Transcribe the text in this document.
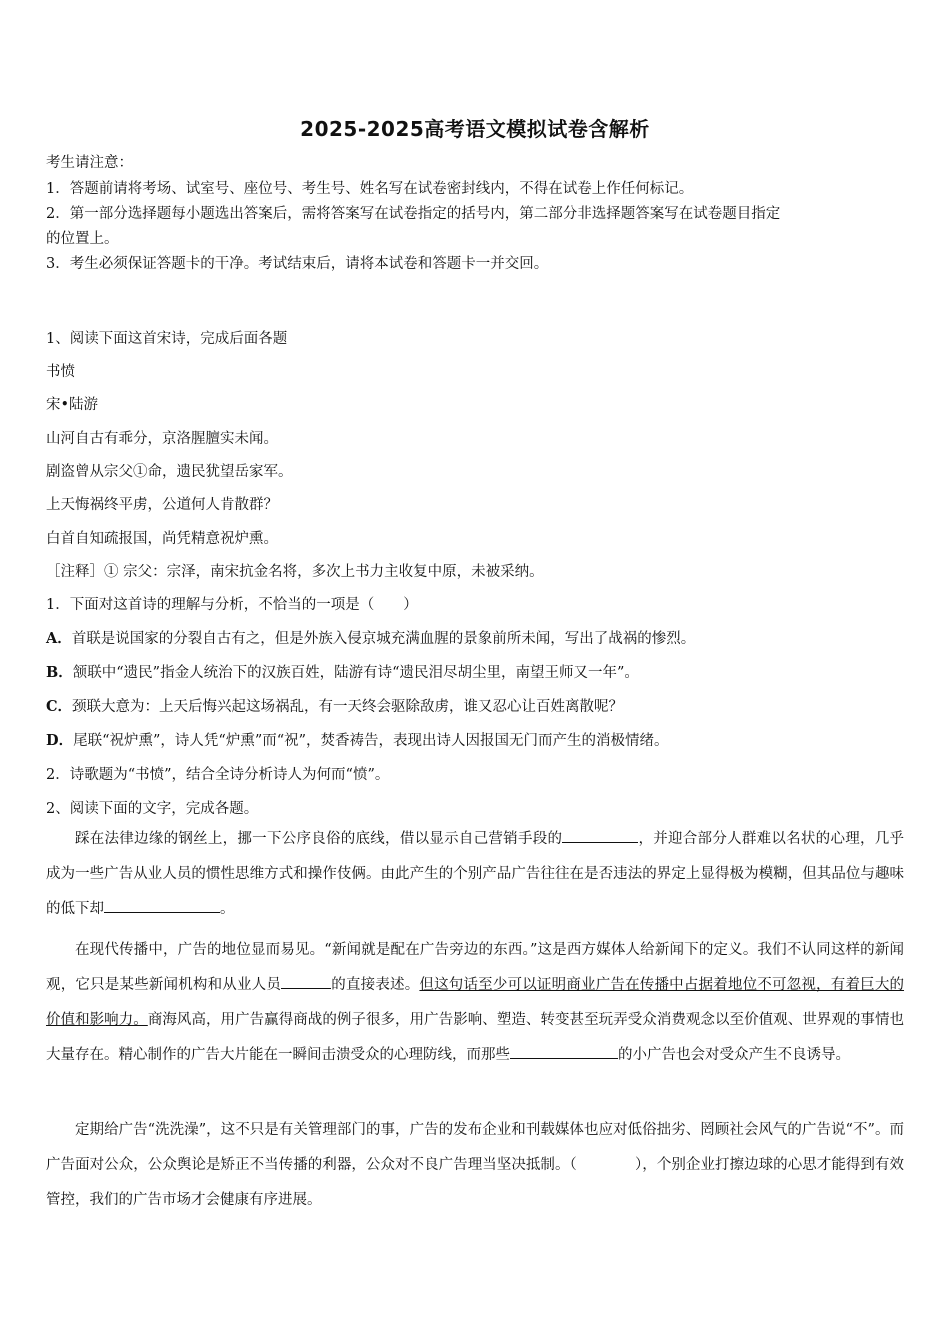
2025-2025高考语文模拟试卷含解析
考生请注意：
1．答题前请将考场、试室号、座位号、考生号、姓名写在试卷密封线内，不得在试卷上作任何标记。
2．第一部分选择题每小题选出答案后，需将答案写在试卷指定的括号内，第二部分非选择题答案写在试卷题目指定
的位置上。
3．考生必须保证答题卡的干净。考试结束后，请将本试卷和答题卡一并交回。
1、阅读下面这首宋诗，完成后面各题
书愤
宋•陆游
山河自古有乖分，京洛腥膻实未闻。
剧盗曾从宗父①命，遗民犹望岳家军。
上天悔祸终平虏，公道何人肯散群？
白首自知疏报国，尚凭精意祝炉熏。
［注释］① 宗父：宗泽，南宋抗金名将，多次上书力主收复中原，未被采纳。
1．下面对这首诗的理解与分析，不恰当的一项是（　　）
A．首联是说国家的分裂自古有之，但是外族入侵京城充满血腥的景象前所未闻，写出了战祸的惨烈。
B．颔联中“遗民”指金人统治下的汉族百姓，陆游有诗“遗民泪尽胡尘里，南望王师又一年”。
C．颈联大意为：上天后悔兴起这场祸乱，有一天终会驱除敌虏，谁又忍心让百姓离散呢？
D．尾联“祝炉熏”，诗人凭“炉熏”而“祝”，焚香祷告，表现出诗人因报国无门而产生的消极情绪。
2．诗歌题为“书愤”，结合全诗分析诗人为何而“愤”。
2、阅读下面的文字，完成各题。

踩在法律边缘的钢丝上，挪一下公序良俗的底线，借以显示自己营销手段的	，并迎合部分人群难以名状的心理，几乎成为一些广告从业人员的惯性思维方式和操作伎俩。由此产生的个别产品广告往往在是否违法的界定上显得极为模糊，但其品位与趣味的低下却	。

在现代传播中，广告的地位显而易见。“新闻就是配在广告旁边的东西。”这是西方媒体人给新闻下的定义。我们不认同这样的新闻观，它只是某些新闻机构和从业人员	的直接表述。但这句话至少可以证明商业广告在传播中占据着地位不可忽视，有着巨大的价值和影响力。商海风高，用广告赢得商战的例子很多，用广告影响、塑造、转变甚至玩弄受众消费观念以至价值观、世界观的事情也大量存在。精心制作的广告大片能在一瞬间击溃受众的心理防线，而那些	的小广告也会对受众产生不良诱导。

定期给广告“洗洗澡”，这不只是有关管理部门的事，广告的发布企业和刊载媒体也应对低俗拙劣、罔顾社会风气的广告说“不”。而广告面对公众，公众舆论是矫正不当传播的利器，公众对不良广告理当坚决抵制。（　　　　），个别企业打擦边球的心思才能得到有效管控，我们的广告市场才会健康有序进展。
